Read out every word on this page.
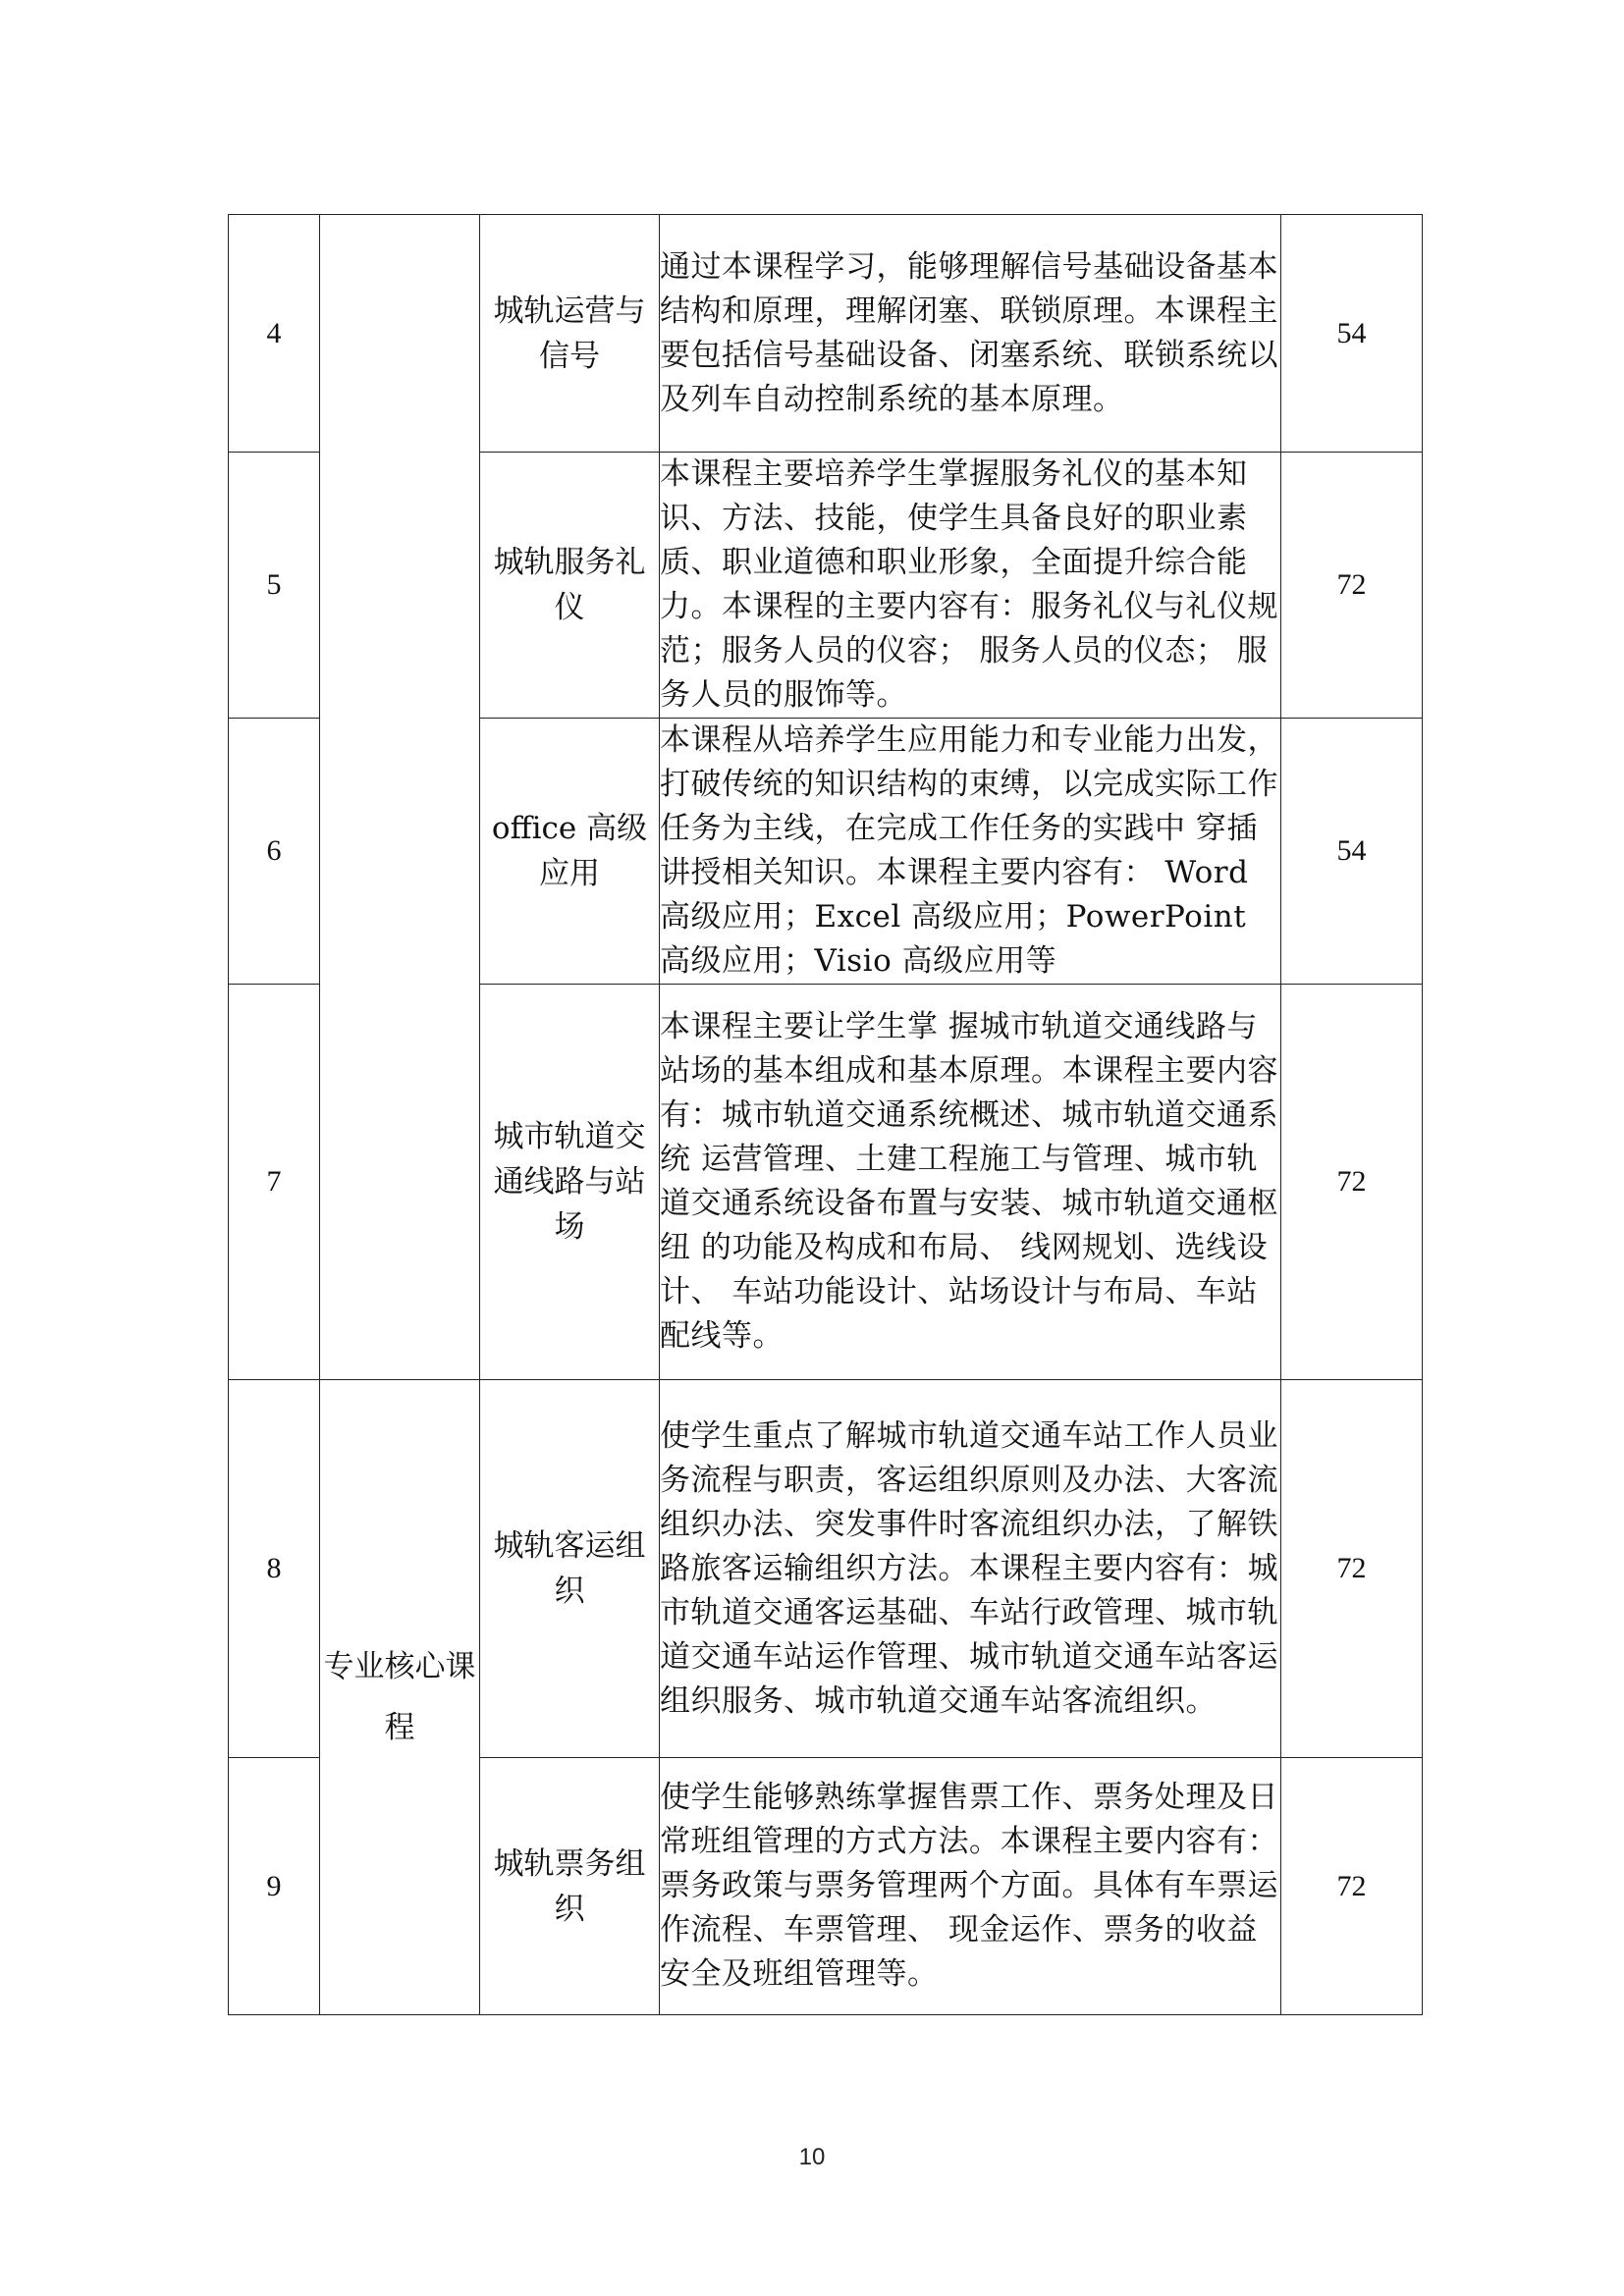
4		城轨运营与信号	通过本课程学习，能够理解信号基础设备基本结构和原理，理解闭塞、联锁原理。本课程主要包括信号基础设备、闭塞系统、联锁系统以及列车自动控制系统的基本原理。	54
5		城轨服务礼仪	本课程主要培养学生掌握服务礼仪的基本知识、方法、技能，使学生具备良好的职业素质、职业道德和职业形象，全面提升综合能力。本课程的主要内容有：服务礼仪与礼仪规范；服务人员的仪容； 服务人员的仪态； 服务人员的服饰等。	72
6		office 高级应用	本课程从培养学生应用能力和专业能力出发，打破传统的知识结构的束缚，以完成实际工作任务为主线，在完成工作任务的实践中 穿插讲授相关知识。本课程主要内容有： Word 高级应用；Excel 高级应用；PowerPoint 高级应用；Visio 高级应用等	54
7		城市轨道交通线路与站场	本课程主要让学生掌 握城市轨道交通线路与站场的基本组成和基本原理。本课程主要内容有：城市轨道交通系统概述、城市轨道交通系统 运营管理、土建工程施工与管理、城市轨道交通系统设备布置与安装、城市轨道交通枢纽 的功能及构成和布局、 线网规划、选线设计、 车站功能设计、站场设计与布局、车站配线等。	72
8	专业核心课程	城轨客运组织	使学生重点了解城市轨道交通车站工作人员业务流程与职责，客运组织原则及办法、大客流组织办法、突发事件时客流组织办法，了解铁路旅客运输组织方法。本课程主要内容有：城市轨道交通客运基础、车站行政管理、城市轨道交通车站运作管理、城市轨道交通车站客运组织服务、城市轨道交通车站客流组织。	72
9		城轨票务组织	使学生能够熟练掌握售票工作、票务处理及日常班组管理的方式方法。本课程主要内容有：票务政策与票务管理两个方面。具体有车票运作流程、车票管理、 现金运作、票务的收益安全及班组管理等。	72
10
